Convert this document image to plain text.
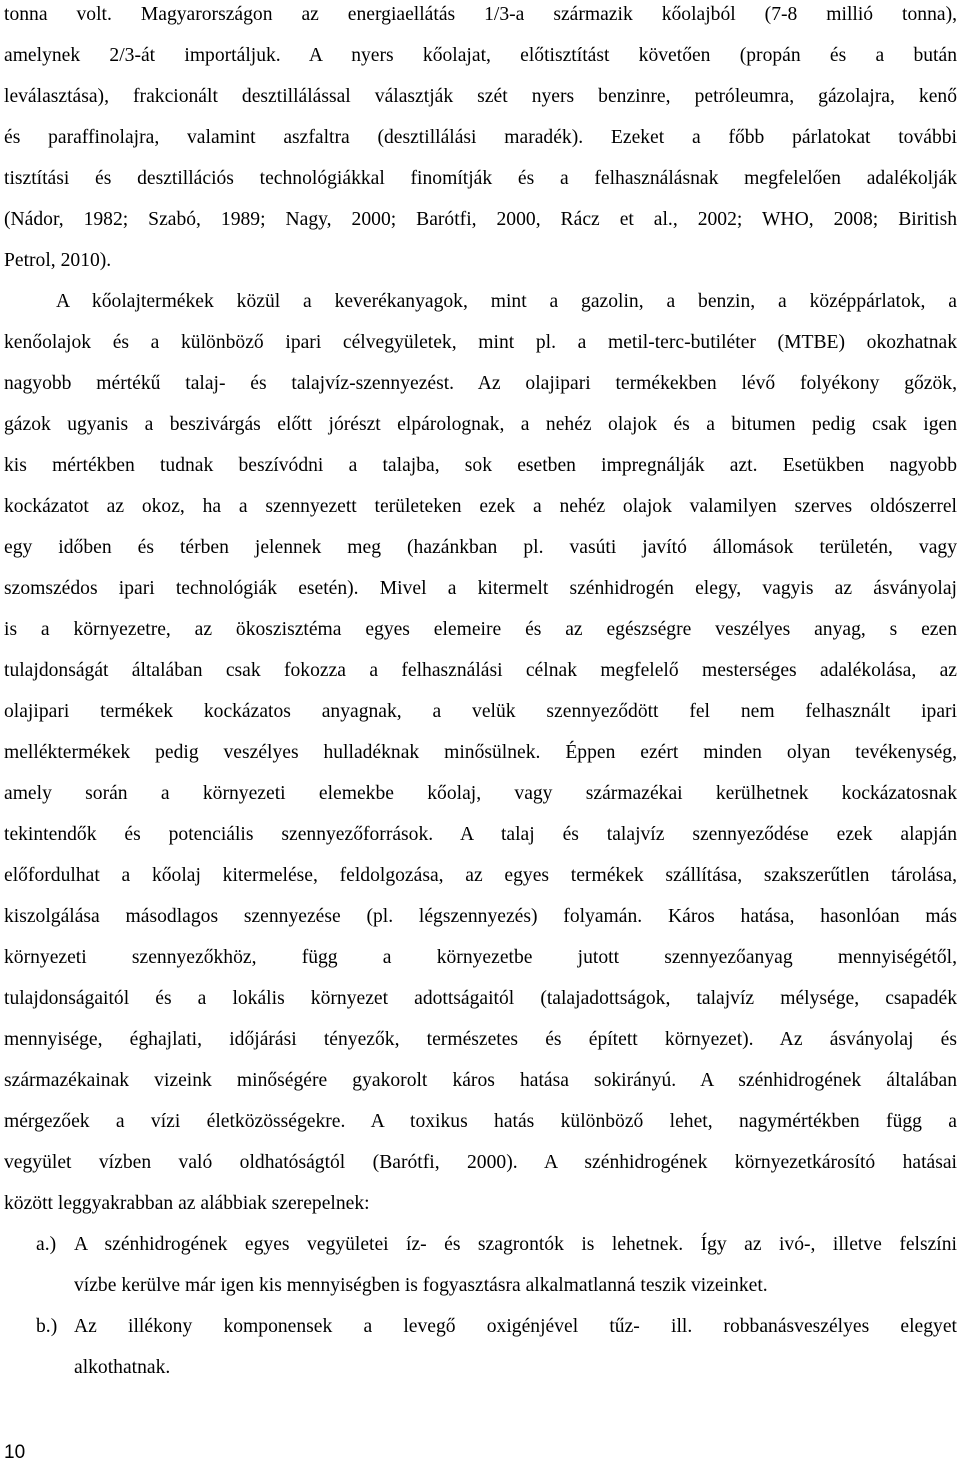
tonna volt. Magyarországon az energiaellátás 1/3-a származik kőolajból (7-8 millió tonna),
amelynek 2/3-át importáljuk. A nyers kőolajat, előtisztítást követően (propán és a bután
leválasztása), frakcionált desztillálással választják szét nyers benzinre, petróleumra, gázolajra, kenő
és paraffinolajra, valamint aszfaltra (desztillálási maradék). Ezeket a főbb párlatokat további
tisztítási és desztillációs technológiákkal finomítják és a felhasználásnak megfelelően adalékolják
(Nádor, 1982; Szabó, 1989; Nagy, 2000; Barótfi, 2000, Rácz et al., 2002; WHO, 2008; Biritish
Petrol, 2010).
A kőolajtermékek közül a keverékanyagok, mint a gazolin, a benzin, a középpárlatok, a
kenőolajok és a különböző ipari célvegyületek, mint pl. a metil-terc-butiléter (MTBE) okozhatnak
nagyobb mértékű talaj- és talajvíz-szennyezést. Az olajipari termékekben lévő folyékony gőzök,
gázok ugyanis a beszivárgás előtt jórészt elpárolognak, a nehéz olajok és a bitumen pedig csak igen
kis mértékben tudnak beszívódni a talajba, sok esetben impregnálják azt. Esetükben nagyobb
kockázatot az okoz, ha a szennyezett területeken ezek a nehéz olajok valamilyen szerves oldószerrel
egy időben és térben jelennek meg (hazánkban pl. vasúti javító állomások területén, vagy
szomszédos ipari technológiák esetén). Mivel a kitermelt szénhidrogén elegy, vagyis az ásványolaj
is a környezetre, az ökoszisztéma egyes elemeire és az egészségre veszélyes anyag, s ezen
tulajdonságát általában csak fokozza a felhasználási célnak megfelelő mesterséges adalékolása, az
olajipari termékek kockázatos anyagnak, a velük szennyeződött fel nem felhasznált ipari
melléktermékek pedig veszélyes hulladéknak minősülnek. Éppen ezért minden olyan tevékenység,
amely során a környezeti elemekbe kőolaj, vagy származékai kerülhetnek kockázatosnak
tekintendők és potenciális szennyezőforrások. A talaj és talajvíz szennyeződése ezek alapján
előfordulhat a kőolaj kitermelése, feldolgozása, az egyes termékek szállítása, szakszerűtlen tárolása,
kiszolgálása másodlagos szennyezése (pl. légszennyezés) folyamán. Káros hatása, hasonlóan más
környezeti szennyezőkhöz, függ a környezetbe jutott szennyezőanyag mennyiségétől,
tulajdonságaitól és a lokális környezet adottságaitól (talajadottságok, talajvíz mélysége, csapadék
mennyisége, éghajlati, időjárási tényezők, természetes és épített környezet). Az ásványolaj és
származékainak vizeink minőségére gyakorolt káros hatása sokirányú. A szénhidrogének általában
mérgezőek a vízi életközösségekre. A toxikus hatás különböző lehet, nagymértékben függ a
vegyület vízben való oldhatóságtól (Barótfi, 2000). A szénhidrogének környezetkárosító hatásai
között leggyakrabban az alábbiak szerepelnek:
a.) A szénhidrogének egyes vegyületei íz- és szagrontók is lehetnek. Így az ivó-, illetve felszíni
vízbe kerülve már igen kis mennyiségben is fogyasztásra alkalmatlanná teszik vizeinket.
b.) Az illékony komponensek a levegő oxigénjével tűz- ill. robbanásveszélyes elegyet
alkothatnak.
10
